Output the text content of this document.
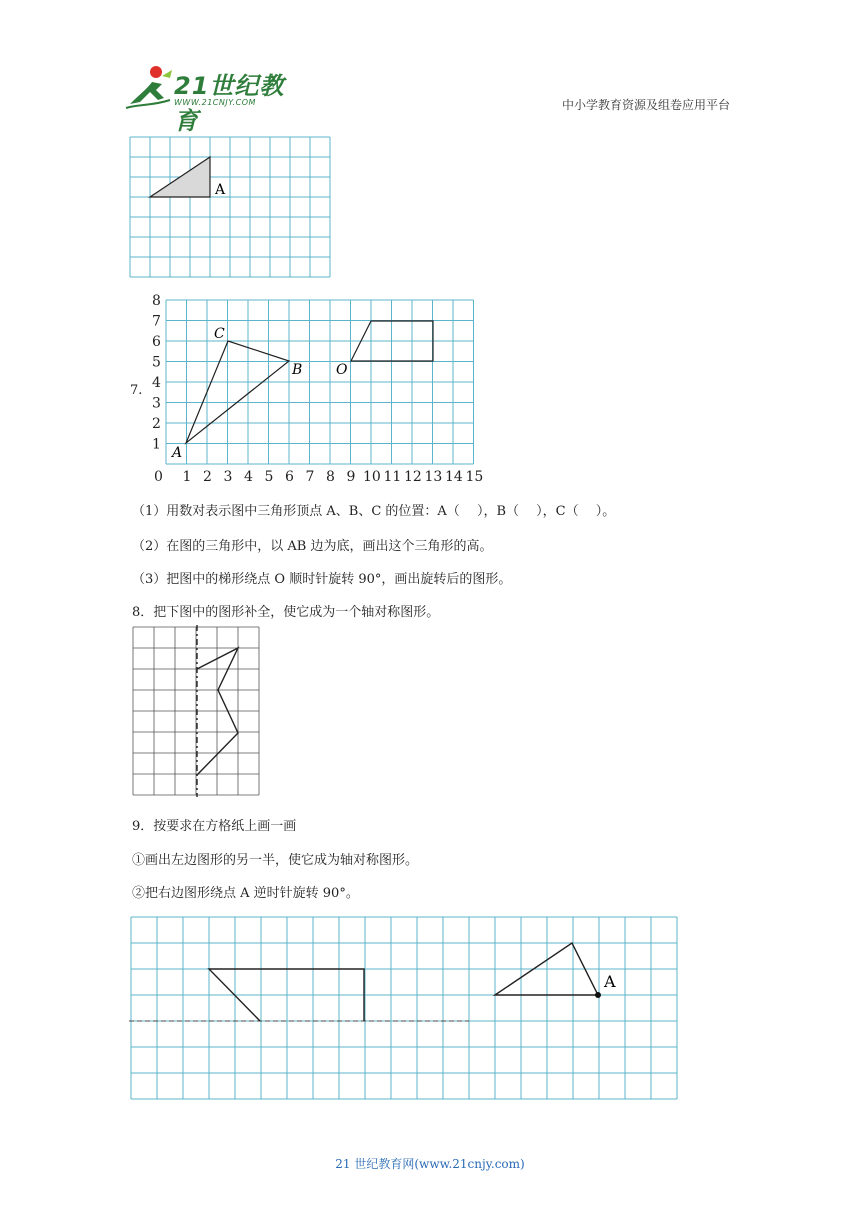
21世纪教育
WWW.21CNJY.COM	中小学教育资源及组卷应用平台
A
7.
0
1
2
3
4
5
6
7
8
1 2 3 4 5 6 7 8 9 10 11 12 13 14 15
A
C
B O
（1）用数对表示图中三角形顶点 A、B、C 的位置：A（　 ），B（　 ），C（　 ）。
（2）在图的三角形中，以 AB 边为底，画出这个三角形的高。
（3）把图中的梯形绕点 O 顺时针旋转 90°，画出旋转后的图形。
8．把下图中的图形补全，使它成为一个轴对称图形。
9．按要求在方格纸上画一画
①画出左边图形的另一半，使它成为轴对称图形。
②把右边图形绕点 A 逆时针旋转 90°。
A
21 世纪教育网(www.21cnjy.com)
